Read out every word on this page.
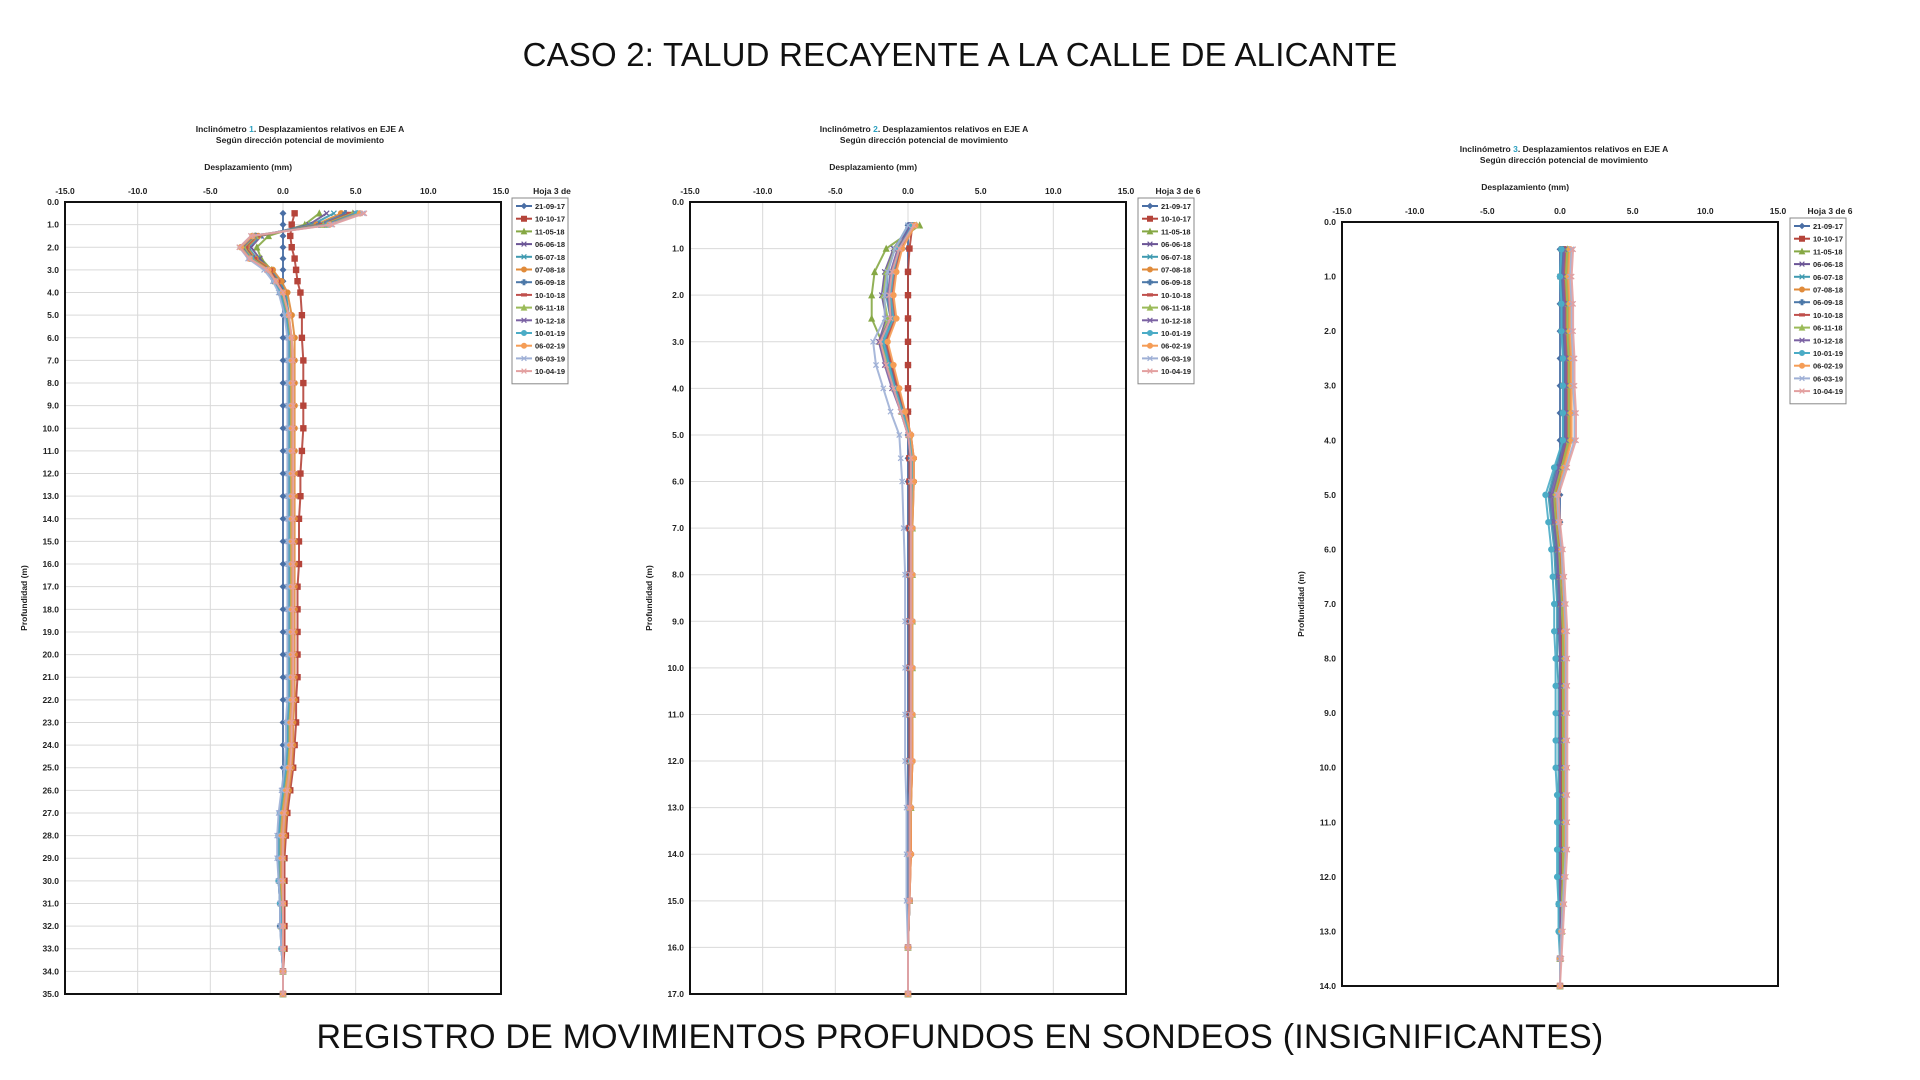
CASO 2: TALUD RECAYENTE A LA CALLE DE ALICANTE
Inclinómetro 1. Desplazamientos relativos en EJE A
Según dirección potencial de movimiento
Desplazamiento (mm)
Hoja 3 de
-15.0	-10.0	-5.0	0.0	5.0	10.0	15.0
0.0
1.0
2.0
3.0
4.0
5.0
6.0
7.0
8.0
9.0
10.0
11.0
12.0
13.0
14.0
15.0
16.0
17.0
18.0
19.0
20.0
21.0
22.0
23.0
24.0
25.0
26.0
27.0
28.0
29.0
30.0
31.0
32.0
33.0
34.0
35.0
Profundidad (m)
21-09-17
10-10-17
11-05-18
06-06-18
06-07-18
07-08-18
06-09-18
10-10-18
06-11-18
10-12-18
10-01-19
06-02-19
06-03-19
10-04-19
Inclinómetro 2. Desplazamientos relativos en EJE A
Según dirección potencial de movimiento
Desplazamiento (mm)
Hoja 3 de 6
-15.0	-10.0	-5.0	0.0	5.0	10.0	15.0
0.0
1.0
2.0
3.0
4.0
5.0
6.0
7.0
8.0
9.0
10.0
11.0
12.0
13.0
14.0
15.0
16.0
17.0
Profundidad (m)
21-09-17
10-10-17
11-05-18
06-06-18
06-07-18
07-08-18
06-09-18
10-10-18
06-11-18
10-12-18
10-01-19
06-02-19
06-03-19
10-04-19
Inclinómetro 3. Desplazamientos relativos en EJE A
Según dirección potencial de movimiento
Desplazamiento (mm)
Hoja 3 de 6
-15.0	-10.0	-5.0	0.0	5.0	10.0	15.0
0.0
1.0
2.0
3.0
4.0
5.0
6.0
7.0
8.0
9.0
10.0
11.0
12.0
13.0
14.0
Profundidad (m)
21-09-17
10-10-17
11-05-18
06-06-18
06-07-18
07-08-18
06-09-18
10-10-18
06-11-18
10-12-18
10-01-19
06-02-19
06-03-19
10-04-19
REGISTRO DE MOVIMIENTOS PROFUNDOS EN SONDEOS (INSIGNIFICANTES)
